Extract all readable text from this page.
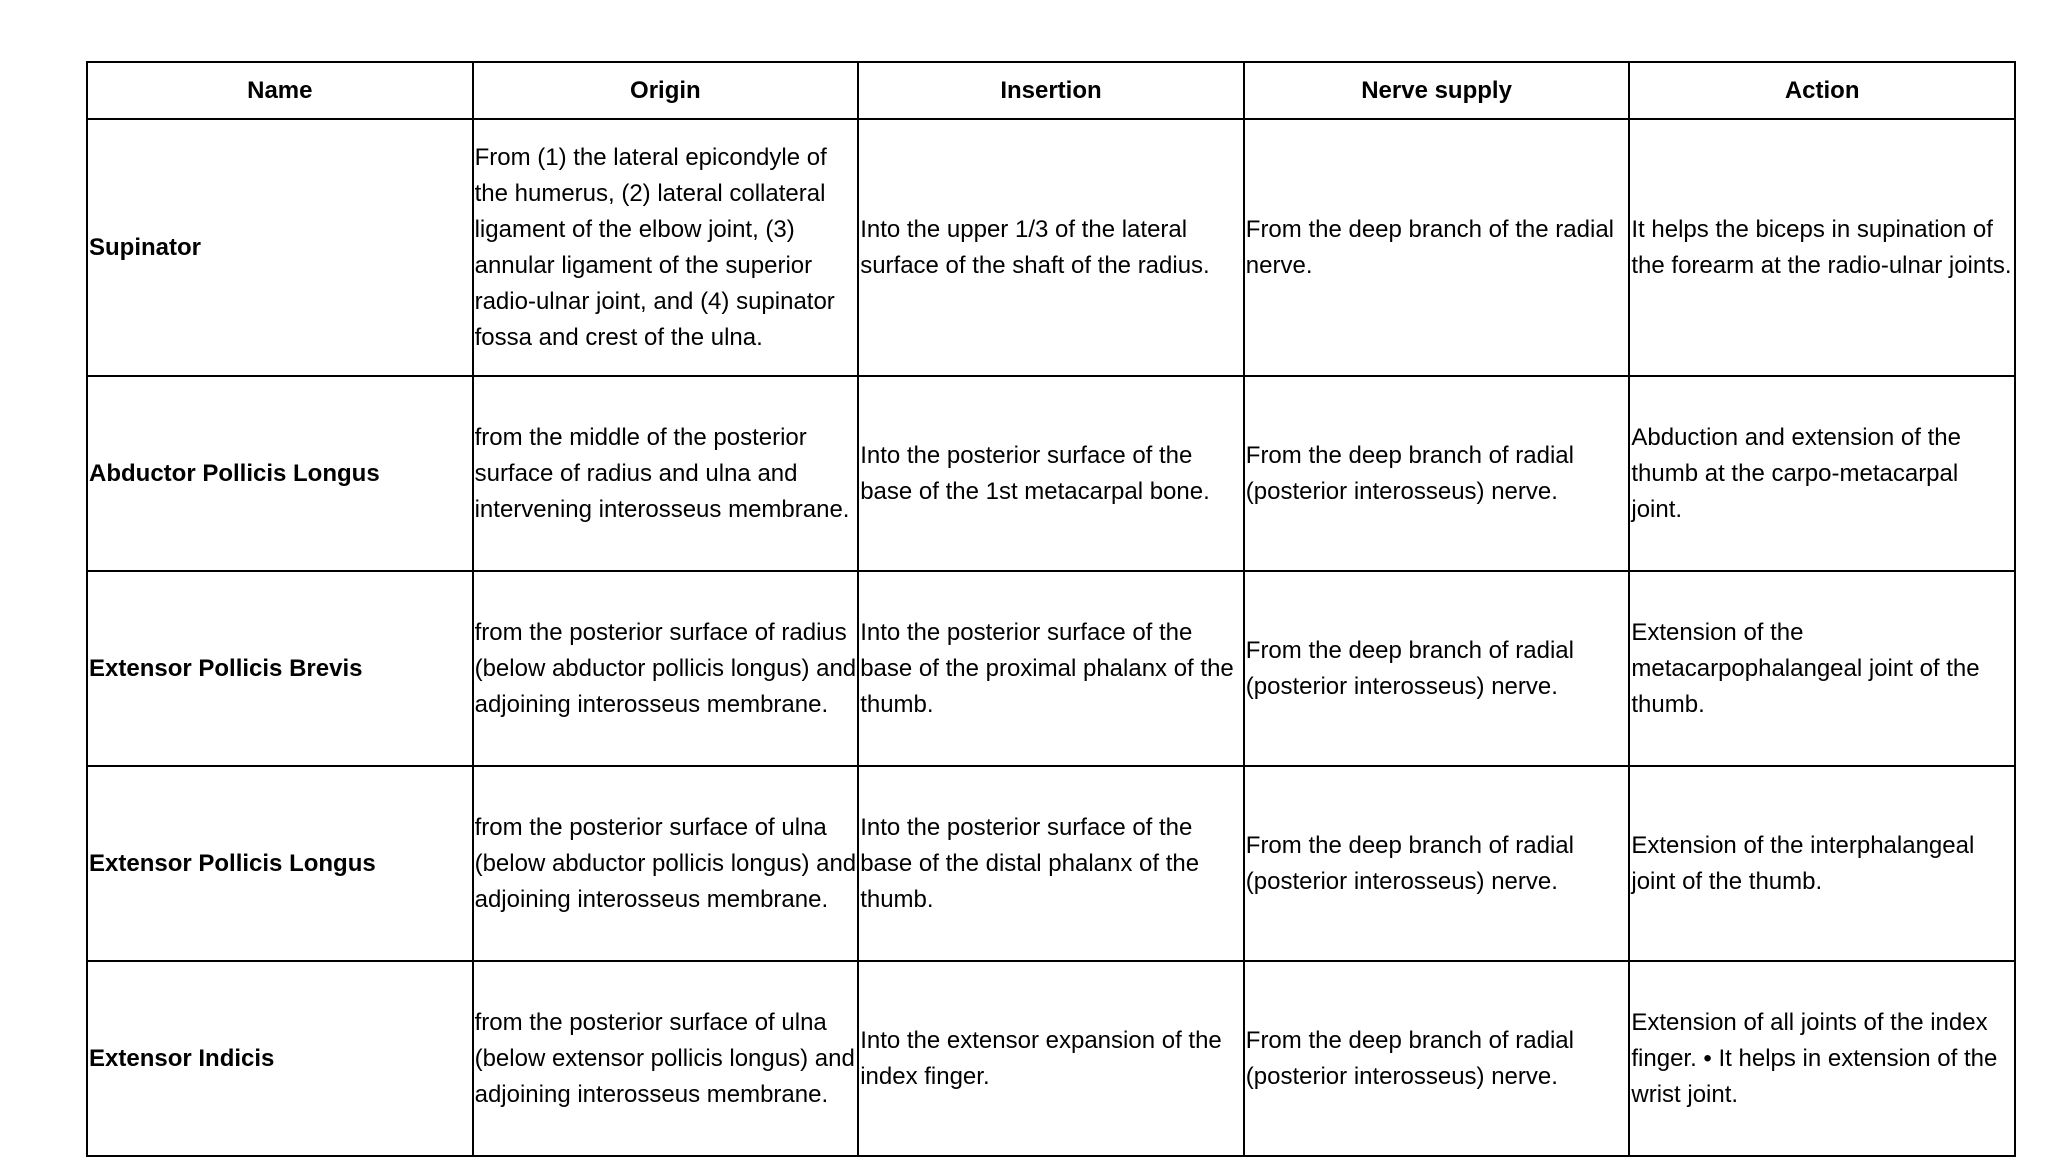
Name	Origin	Insertion	Nerve supply	Action
Supinator	From (1) the lateral epicondyle of the humerus, (2) lateral collateral ligament of the elbow joint, (3) annular ligament of the superior radio-ulnar joint, and (4) supinator fossa and crest of the ulna.	Into the upper 1/3 of the lateral surface of the shaft of the radius.	From the deep branch of the radial nerve.	It helps the biceps in supination of the forearm at the radio-ulnar joints.
Abductor Pollicis Longus	from the middle of the posterior surface of radius and ulna and intervening interosseus membrane.	Into the posterior surface of the base of the 1st metacarpal bone.	From the deep branch of radial (posterior interosseus) nerve.	Abduction and extension of the thumb at the carpo-metacarpal joint.
Extensor Pollicis Brevis	from the posterior surface of radius (below abductor pollicis longus) and adjoining interosseus membrane.	Into the posterior surface of the base of the proximal phalanx of the thumb.	From the deep branch of radial (posterior interosseus) nerve.	Extension of the metacarpophalangeal joint of the thumb.
Extensor Pollicis Longus	from the posterior surface of ulna (below abductor pollicis longus) and adjoining interosseus membrane.	Into the posterior surface of the base of the distal phalanx of the thumb.	From the deep branch of radial (posterior interosseus) nerve.	Extension of the interphalangeal joint of the thumb.
Extensor Indicis	from the posterior surface of ulna (below extensor pollicis longus) and adjoining interosseus membrane.	Into the extensor expansion of the index finger.	From the deep branch of radial (posterior interosseus) nerve.	Extension of all joints of the index finger. • It helps in extension of the wrist joint.
